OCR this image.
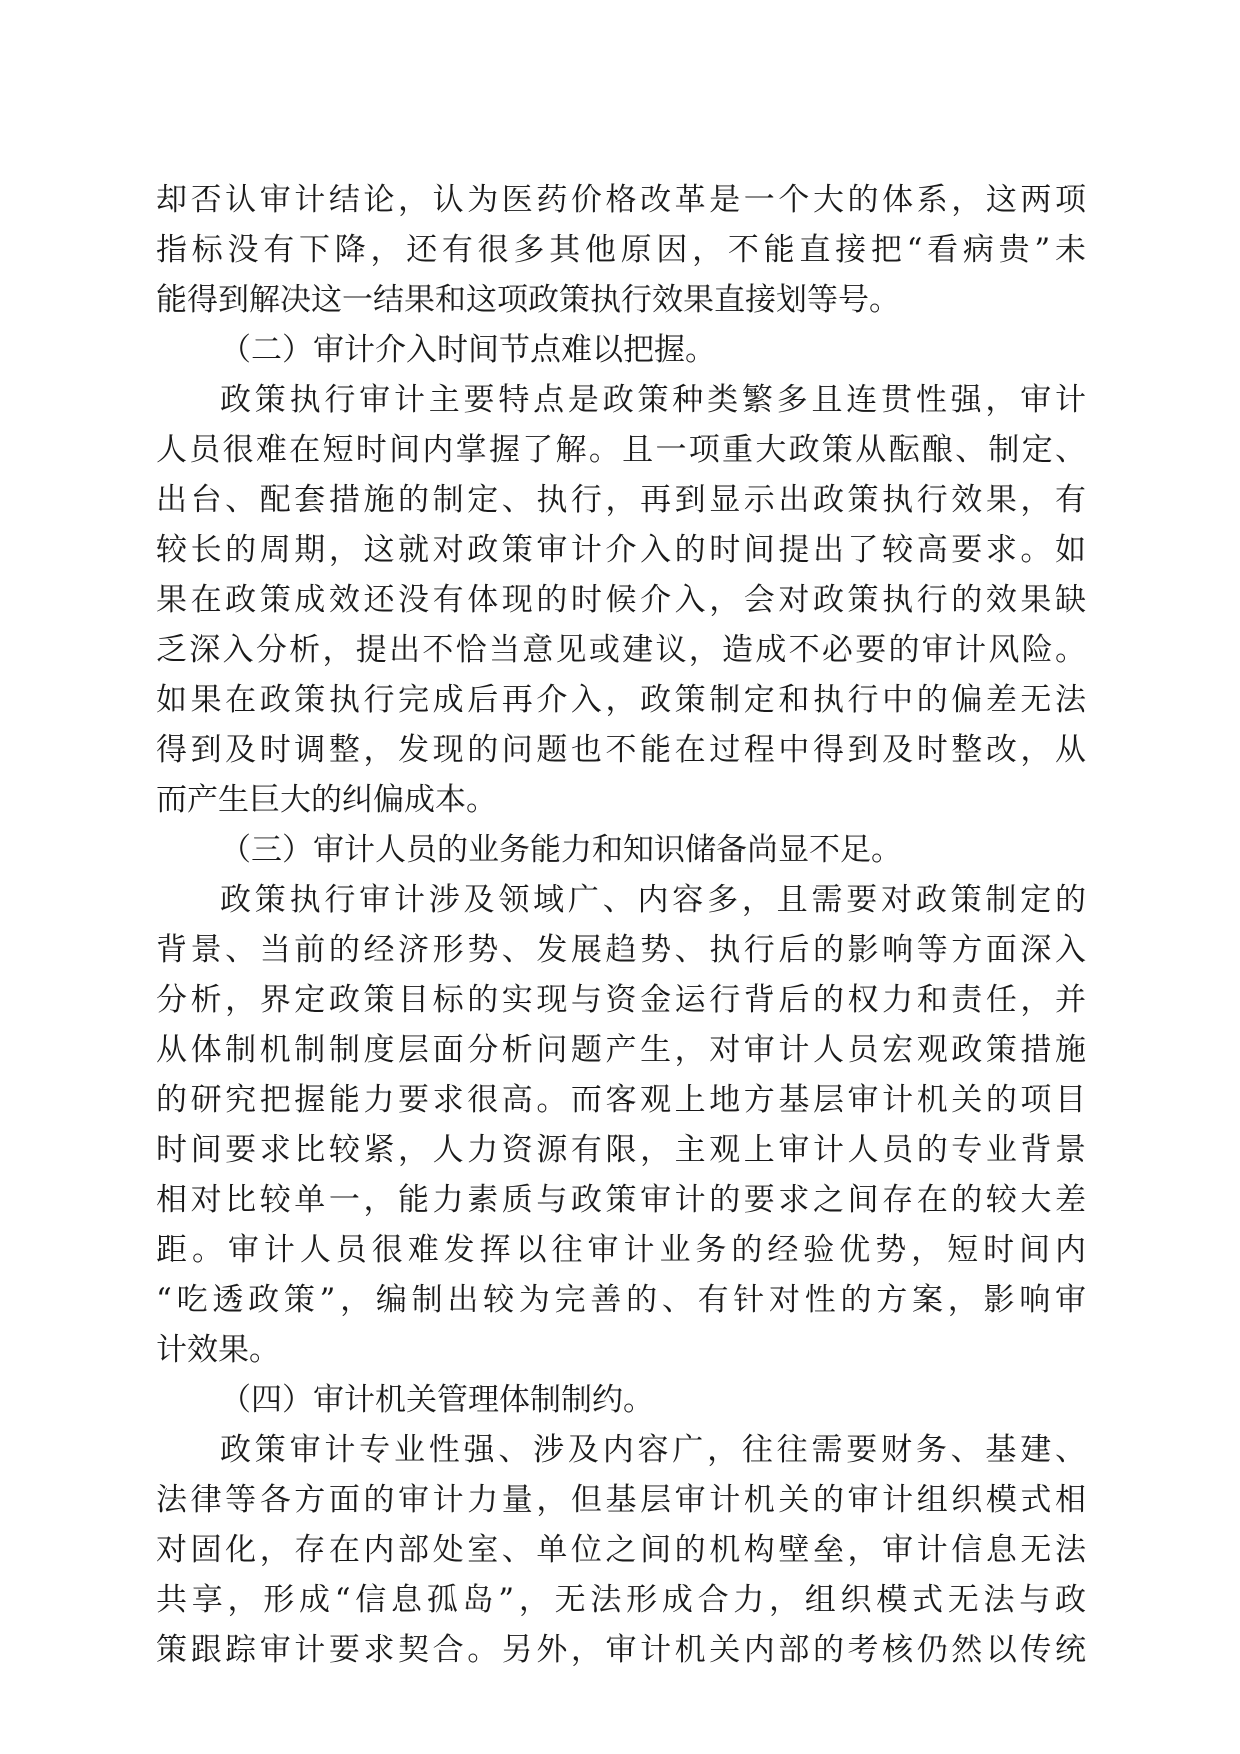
却否认审计结论，认为医药价格改革是一个大的体系，这两项
指标没有下降，还有很多其他原因，不能直接把“看病贵”未
能得到解决这一结果和这项政策执行效果直接划等号。
（二）审计介入时间节点难以把握。
政策执行审计主要特点是政策种类繁多且连贯性强，审计
人员很难在短时间内掌握了解。且一项重大政策从酝酿、制定、
出台、配套措施的制定、执行，再到显示出政策执行效果，有
较长的周期，这就对政策审计介入的时间提出了较高要求。如
果在政策成效还没有体现的时候介入，会对政策执行的效果缺
乏深入分析，提出不恰当意见或建议，造成不必要的审计风险。
如果在政策执行完成后再介入，政策制定和执行中的偏差无法
得到及时调整，发现的问题也不能在过程中得到及时整改，从
而产生巨大的纠偏成本。
（三）审计人员的业务能力和知识储备尚显不足。
政策执行审计涉及领域广、内容多，且需要对政策制定的
背景、当前的经济形势、发展趋势、执行后的影响等方面深入
分析，界定政策目标的实现与资金运行背后的权力和责任，并
从体制机制制度层面分析问题产生，对审计人员宏观政策措施
的研究把握能力要求很高。而客观上地方基层审计机关的项目
时间要求比较紧，人力资源有限，主观上审计人员的专业背景
相对比较单一，能力素质与政策审计的要求之间存在的较大差
距。审计人员很难发挥以往审计业务的经验优势，短时间内
“吃透政策”，编制出较为完善的、有针对性的方案，影响审
计效果。
（四）审计机关管理体制制约。
政策审计专业性强、涉及内容广，往往需要财务、基建、
法律等各方面的审计力量，但基层审计机关的审计组织模式相
对固化，存在内部处室、单位之间的机构壁垒，审计信息无法
共享，形成“信息孤岛”，无法形成合力，组织模式无法与政
策跟踪审计要求契合。另外，审计机关内部的考核仍然以传统
